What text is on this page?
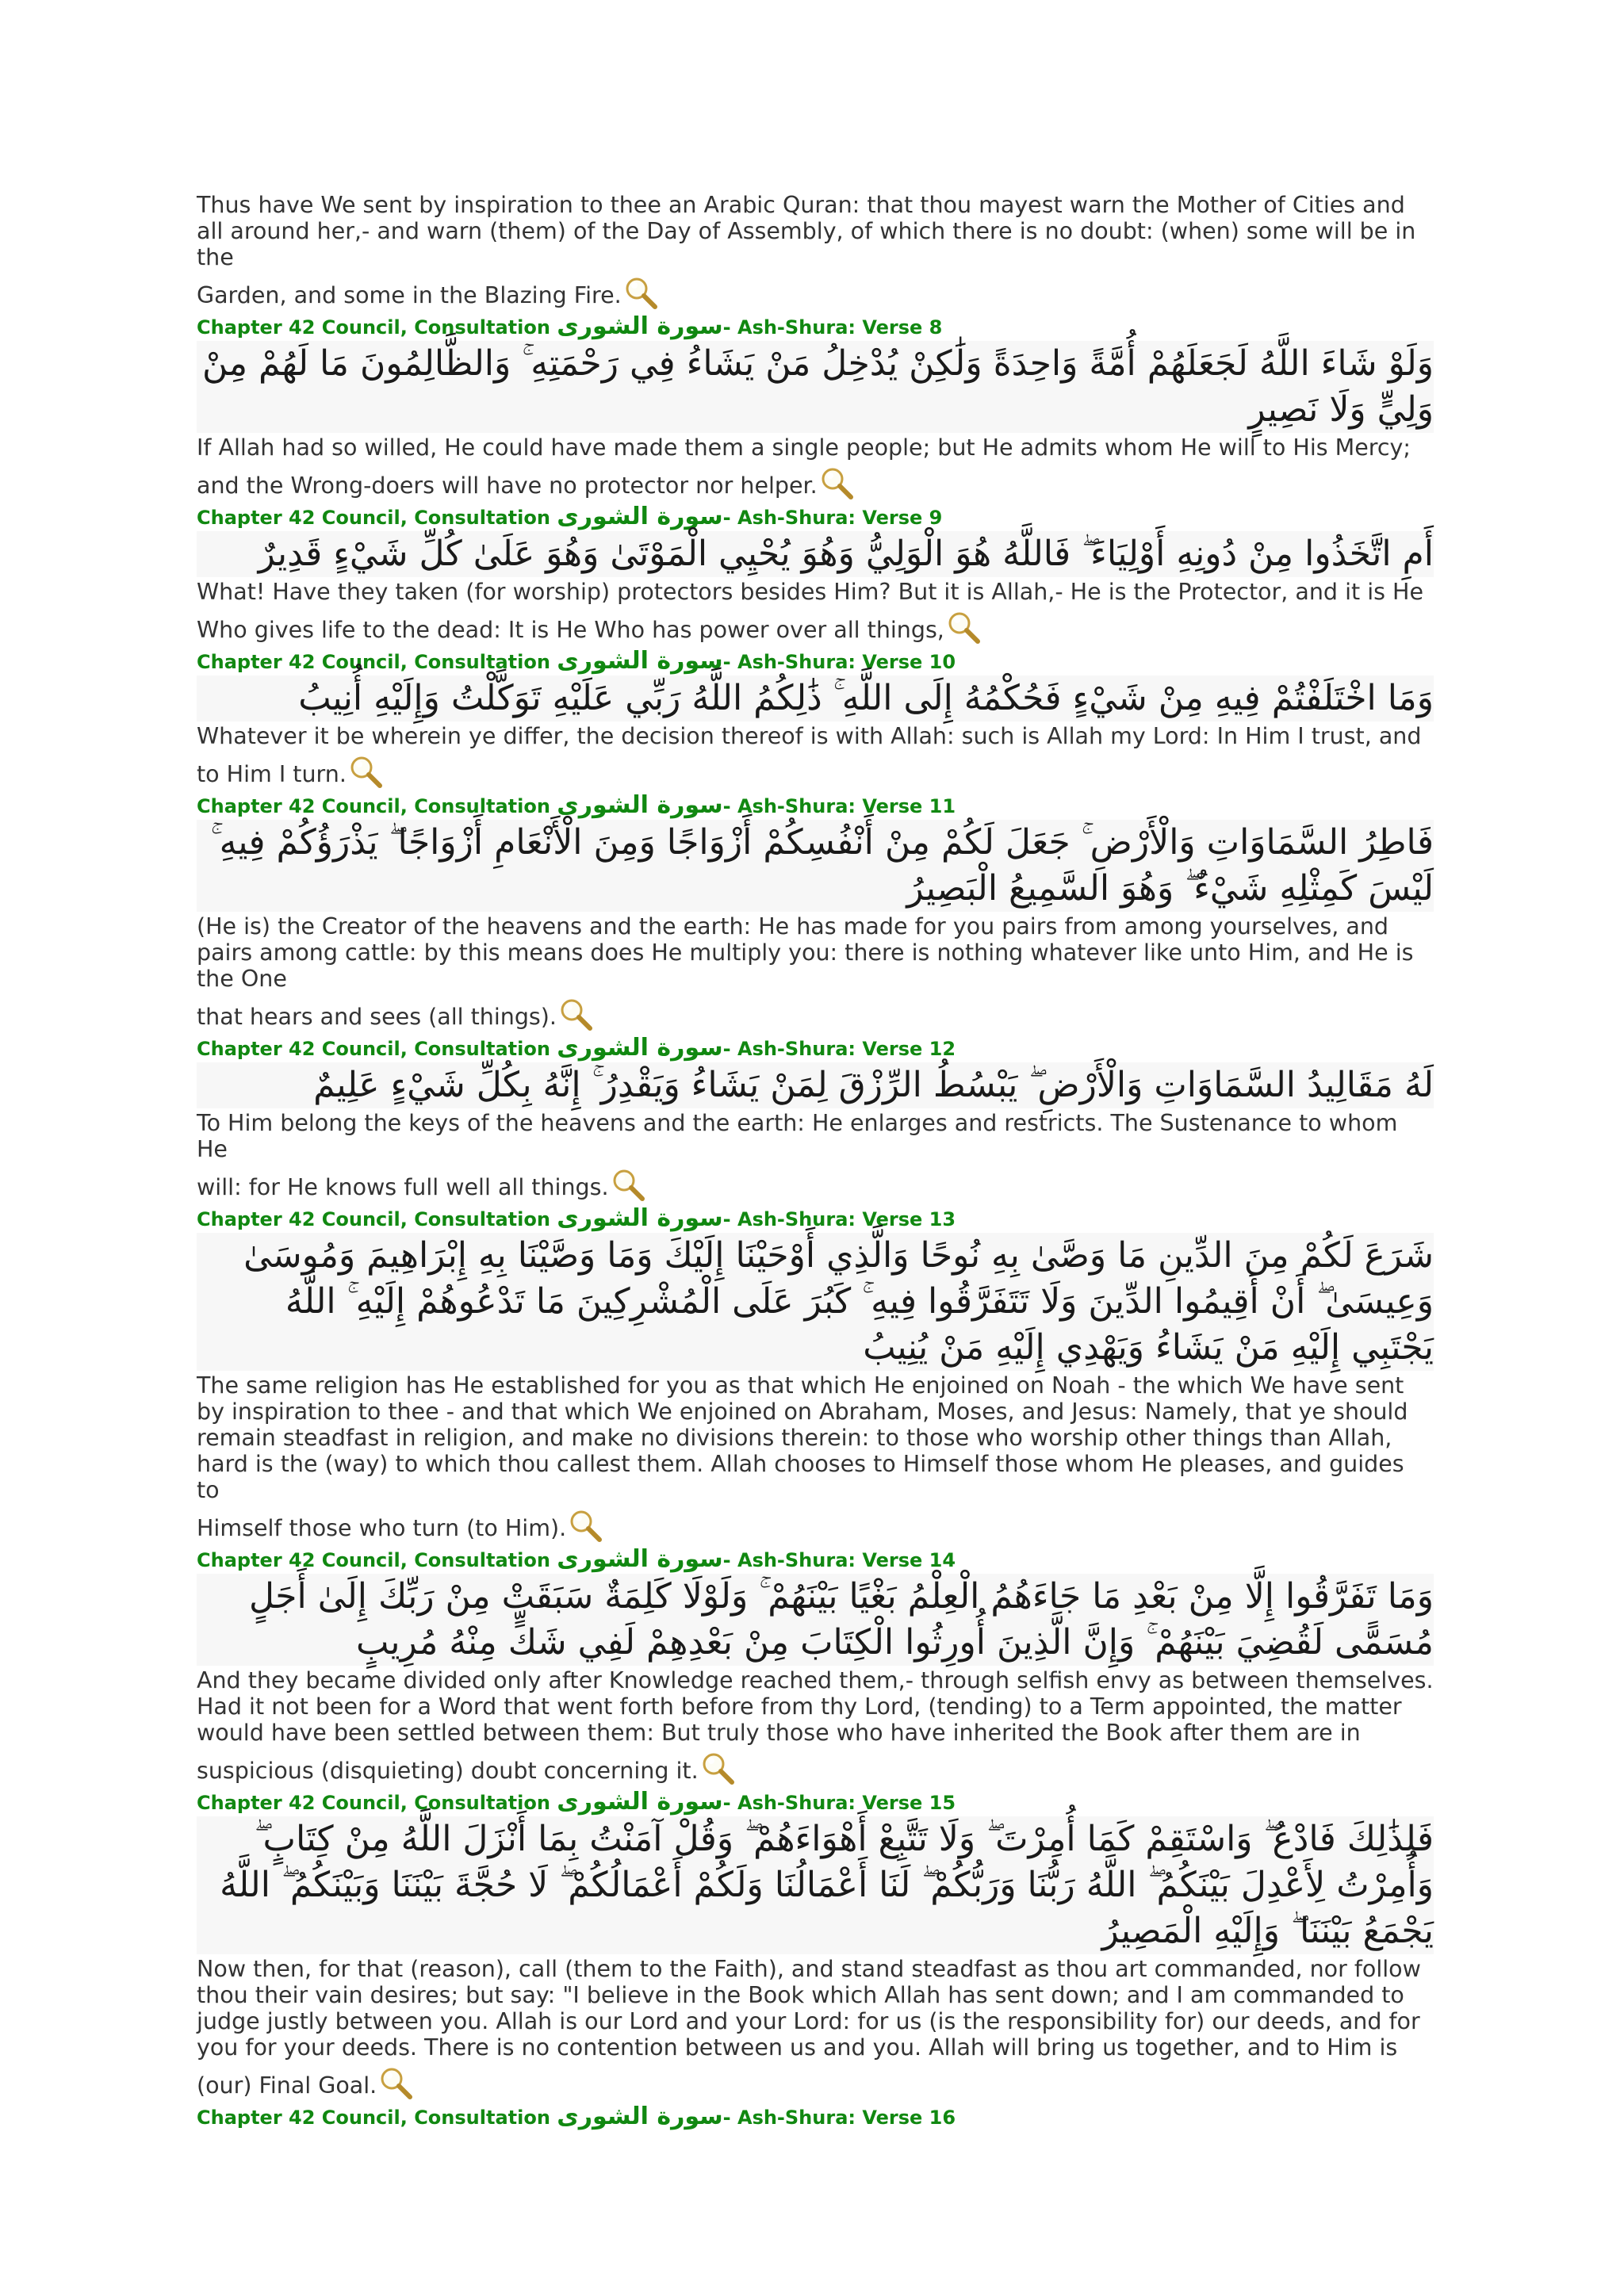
Thus have We sent by inspiration to thee an Arabic Quran: that thou mayest warn the Mother of Cities and all around her,- and warn (them) of the Day of Assembly, of which there is no doubt: (when) some will be in the
Garden, and some in the Blazing Fire.
Chapter 42 Council, Consultation سورة الشورى- Ash-Shura: Verse 8
وَلَوْ شَاءَ اللَّهُ لَجَعَلَهُمْ أُمَّةً وَاحِدَةً وَلَٰكِنْ يُدْخِلُ مَنْ يَشَاءُ فِي رَحْمَتِهِ ۚ وَالظَّالِمُونَ مَا لَهُمْ مِنْ وَلِيٍّ وَلَا نَصِيرٍ
If Allah had so willed, He could have made them a single people; but He admits whom He will to His Mercy;
and the Wrong-doers will have no protector nor helper.
Chapter 42 Council, Consultation سورة الشورى- Ash-Shura: Verse 9
أَمِ اتَّخَذُوا مِنْ دُونِهِ أَوْلِيَاءَ ۖ فَاللَّهُ هُوَ الْوَلِيُّ وَهُوَ يُحْيِي الْمَوْتَىٰ وَهُوَ عَلَىٰ كُلِّ شَيْءٍ قَدِيرٌ
What! Have they taken (for worship) protectors besides Him? But it is Allah,- He is the Protector, and it is He
Who gives life to the dead: It is He Who has power over all things,
Chapter 42 Council, Consultation سورة الشورى- Ash-Shura: Verse 10
وَمَا اخْتَلَفْتُمْ فِيهِ مِنْ شَيْءٍ فَحُكْمُهُ إِلَى اللَّهِ ۚ ذَٰلِكُمُ اللَّهُ رَبِّي عَلَيْهِ تَوَكَّلْتُ وَإِلَيْهِ أُنِيبُ
Whatever it be wherein ye differ, the decision thereof is with Allah: such is Allah my Lord: In Him I trust, and
to Him I turn.
Chapter 42 Council, Consultation سورة الشورى- Ash-Shura: Verse 11
فَاطِرُ السَّمَاوَاتِ وَالْأَرْضِ ۚ جَعَلَ لَكُمْ مِنْ أَنْفُسِكُمْ أَزْوَاجًا وَمِنَ الْأَنْعَامِ أَزْوَاجًا ۖ يَذْرَؤُكُمْ فِيهِ ۚ لَيْسَ كَمِثْلِهِ شَيْءٌ ۖ وَهُوَ السَّمِيعُ الْبَصِيرُ
(He is) the Creator of the heavens and the earth: He has made for you pairs from among yourselves, and pairs among cattle: by this means does He multiply you: there is nothing whatever like unto Him, and He is the One
that hears and sees (all things).
Chapter 42 Council, Consultation سورة الشورى- Ash-Shura: Verse 12
لَهُ مَقَالِيدُ السَّمَاوَاتِ وَالْأَرْضِ ۖ يَبْسُطُ الرِّزْقَ لِمَنْ يَشَاءُ وَيَقْدِرُ ۚ إِنَّهُ بِكُلِّ شَيْءٍ عَلِيمٌ
To Him belong the keys of the heavens and the earth: He enlarges and restricts. The Sustenance to whom He
will: for He knows full well all things.
Chapter 42 Council, Consultation سورة الشورى- Ash-Shura: Verse 13
شَرَعَ لَكُمْ مِنَ الدِّينِ مَا وَصَّىٰ بِهِ نُوحًا وَالَّذِي أَوْحَيْنَا إِلَيْكَ وَمَا وَصَّيْنَا بِهِ إِبْرَاهِيمَ وَمُوسَىٰ وَعِيسَىٰ ۖ أَنْ أَقِيمُوا الدِّينَ وَلَا تَتَفَرَّقُوا فِيهِ ۚ كَبُرَ عَلَى الْمُشْرِكِينَ مَا تَدْعُوهُمْ إِلَيْهِ ۚ اللَّهُ يَجْتَبِي إِلَيْهِ مَنْ يَشَاءُ وَيَهْدِي إِلَيْهِ مَنْ يُنِيبُ
The same religion has He established for you as that which He enjoined on Noah - the which We have sent by inspiration to thee - and that which We enjoined on Abraham, Moses, and Jesus: Namely, that ye should remain steadfast in religion, and make no divisions therein: to those who worship other things than Allah, hard is the (way) to which thou callest them. Allah chooses to Himself those whom He pleases, and guides to
Himself those who turn (to Him).
Chapter 42 Council, Consultation سورة الشورى- Ash-Shura: Verse 14
وَمَا تَفَرَّقُوا إِلَّا مِنْ بَعْدِ مَا جَاءَهُمُ الْعِلْمُ بَغْيًا بَيْنَهُمْ ۚ وَلَوْلَا كَلِمَةٌ سَبَقَتْ مِنْ رَبِّكَ إِلَىٰ أَجَلٍ مُسَمًّى لَقُضِيَ بَيْنَهُمْ ۚ وَإِنَّ الَّذِينَ أُورِثُوا الْكِتَابَ مِنْ بَعْدِهِمْ لَفِي شَكٍّ مِنْهُ مُرِيبٍ
And they became divided only after Knowledge reached them,- through selfish envy as between themselves. Had it not been for a Word that went forth before from thy Lord, (tending) to a Term appointed, the matter would have been settled between them: But truly those who have inherited the Book after them are in
suspicious (disquieting) doubt concerning it.
Chapter 42 Council, Consultation سورة الشورى- Ash-Shura: Verse 15
فَلِذَٰلِكَ فَادْعُ ۖ وَاسْتَقِمْ كَمَا أُمِرْتَ ۖ وَلَا تَتَّبِعْ أَهْوَاءَهُمْ ۖ وَقُلْ آمَنْتُ بِمَا أَنْزَلَ اللَّهُ مِنْ كِتَابٍ ۖ وَأُمِرْتُ لِأَعْدِلَ بَيْنَكُمُ ۖ اللَّهُ رَبُّنَا وَرَبُّكُمْ ۖ لَنَا أَعْمَالُنَا وَلَكُمْ أَعْمَالُكُمْ ۖ لَا حُجَّةَ بَيْنَنَا وَبَيْنَكُمُ ۖ اللَّهُ يَجْمَعُ بَيْنَنَا ۖ وَإِلَيْهِ الْمَصِيرُ
Now then, for that (reason), call (them to the Faith), and stand steadfast as thou art commanded, nor follow thou their vain desires; but say: "I believe in the Book which Allah has sent down; and I am commanded to judge justly between you. Allah is our Lord and your Lord: for us (is the responsibility for) our deeds, and for you for your deeds. There is no contention between us and you. Allah will bring us together, and to Him is
(our) Final Goal.
Chapter 42 Council, Consultation سورة الشورى- Ash-Shura: Verse 16
